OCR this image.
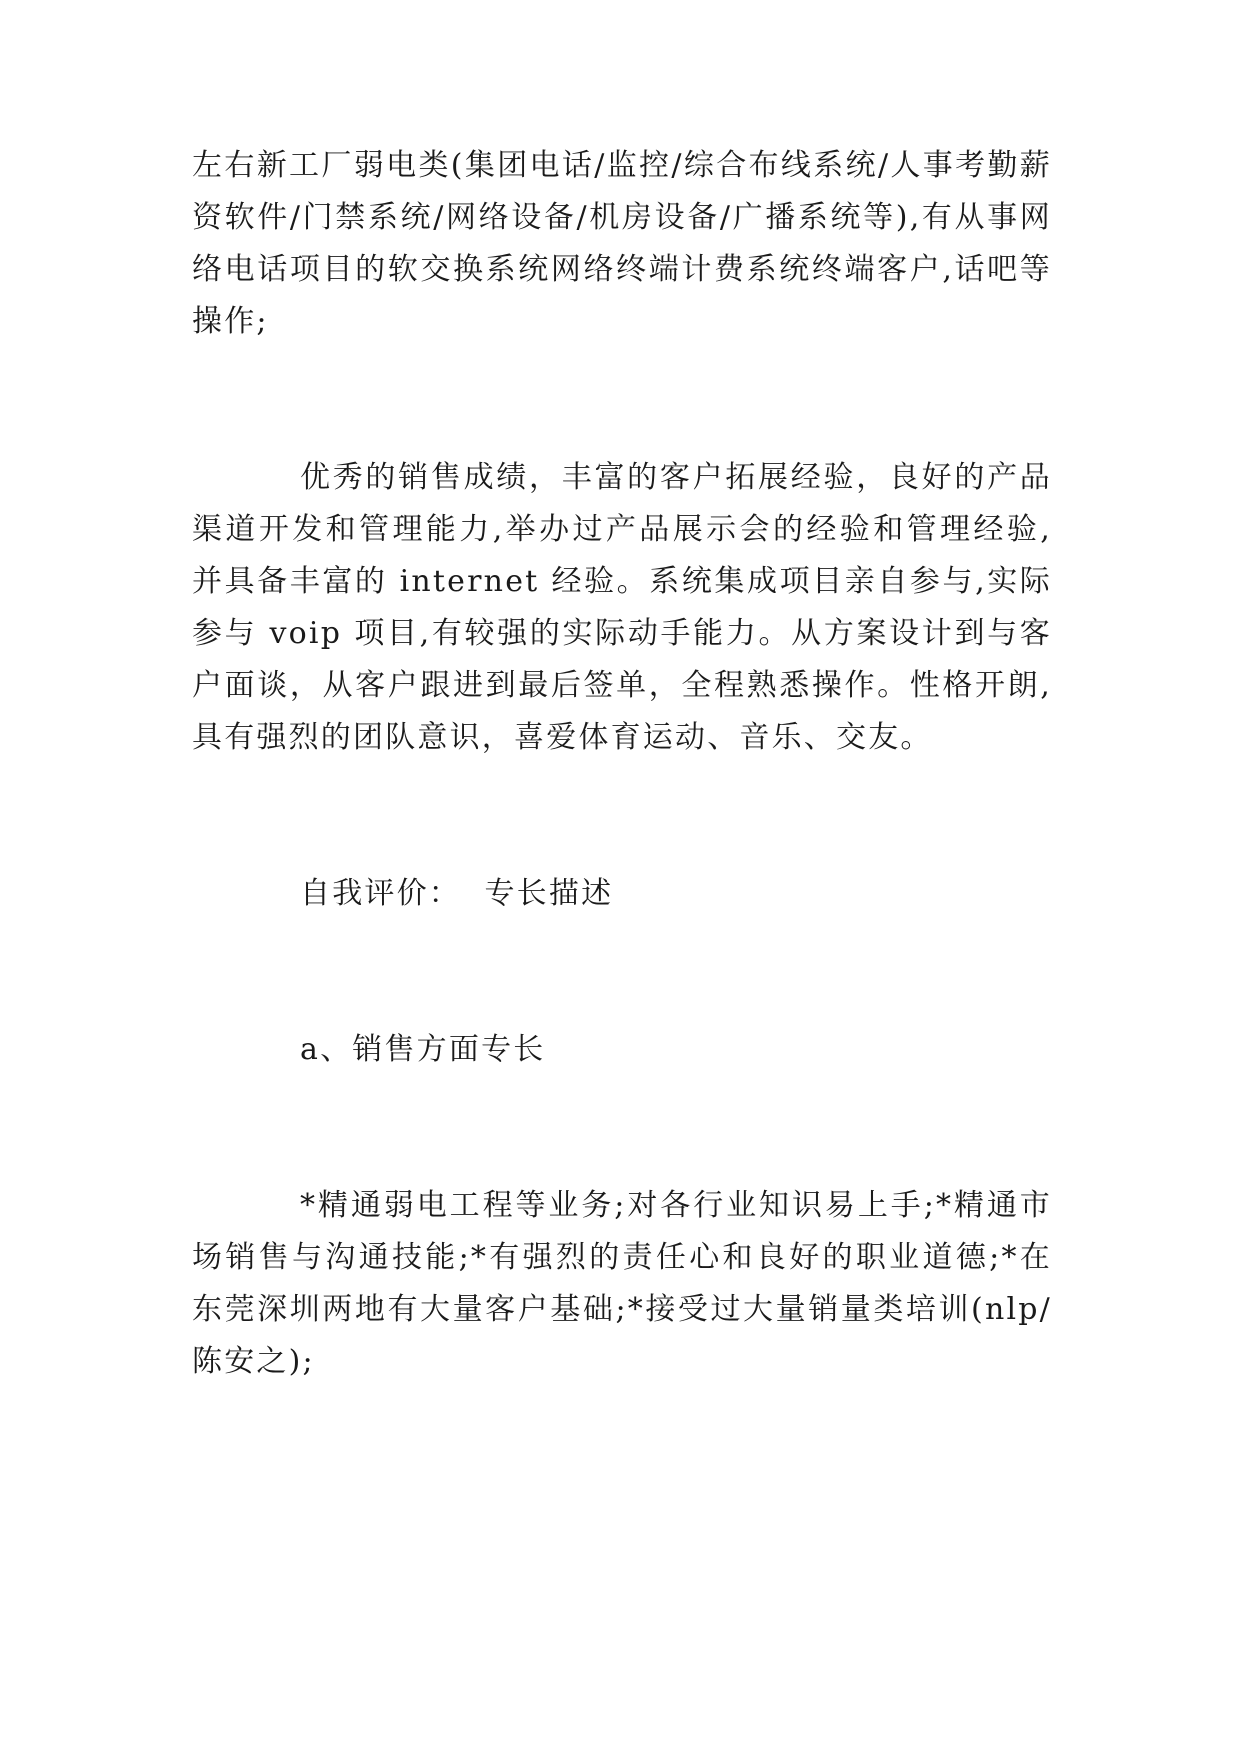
左右新工厂弱电类(集团电话/监控/综合布线系统/人事考勤薪资软件/门禁系统/网络设备/机房设备/广播系统等),有从事网络电话项目的软交换系统网络终端计费系统终端客户,话吧等操作;

优秀的销售成绩，丰富的客户拓展经验，良好的产品渠道开发和管理能力,举办过产品展示会的经验和管理经验,并具备丰富的 internet 经验。系统集成项目亲自参与,实际参与 voip 项目,有较强的实际动手能力。从方案设计到与客户面谈，从客户跟进到最后签单，全程熟悉操作。性格开朗,具有强烈的团队意识，喜爱体育运动、音乐、交友。

自我评价：  专长描述

a、销售方面专长

*精通弱电工程等业务;对各行业知识易上手;*精通市场销售与沟通技能;*有强烈的责任心和良好的职业道德;*在东莞深圳两地有大量客户基础;*接受过大量销量类培训(nlp/陈安之);
